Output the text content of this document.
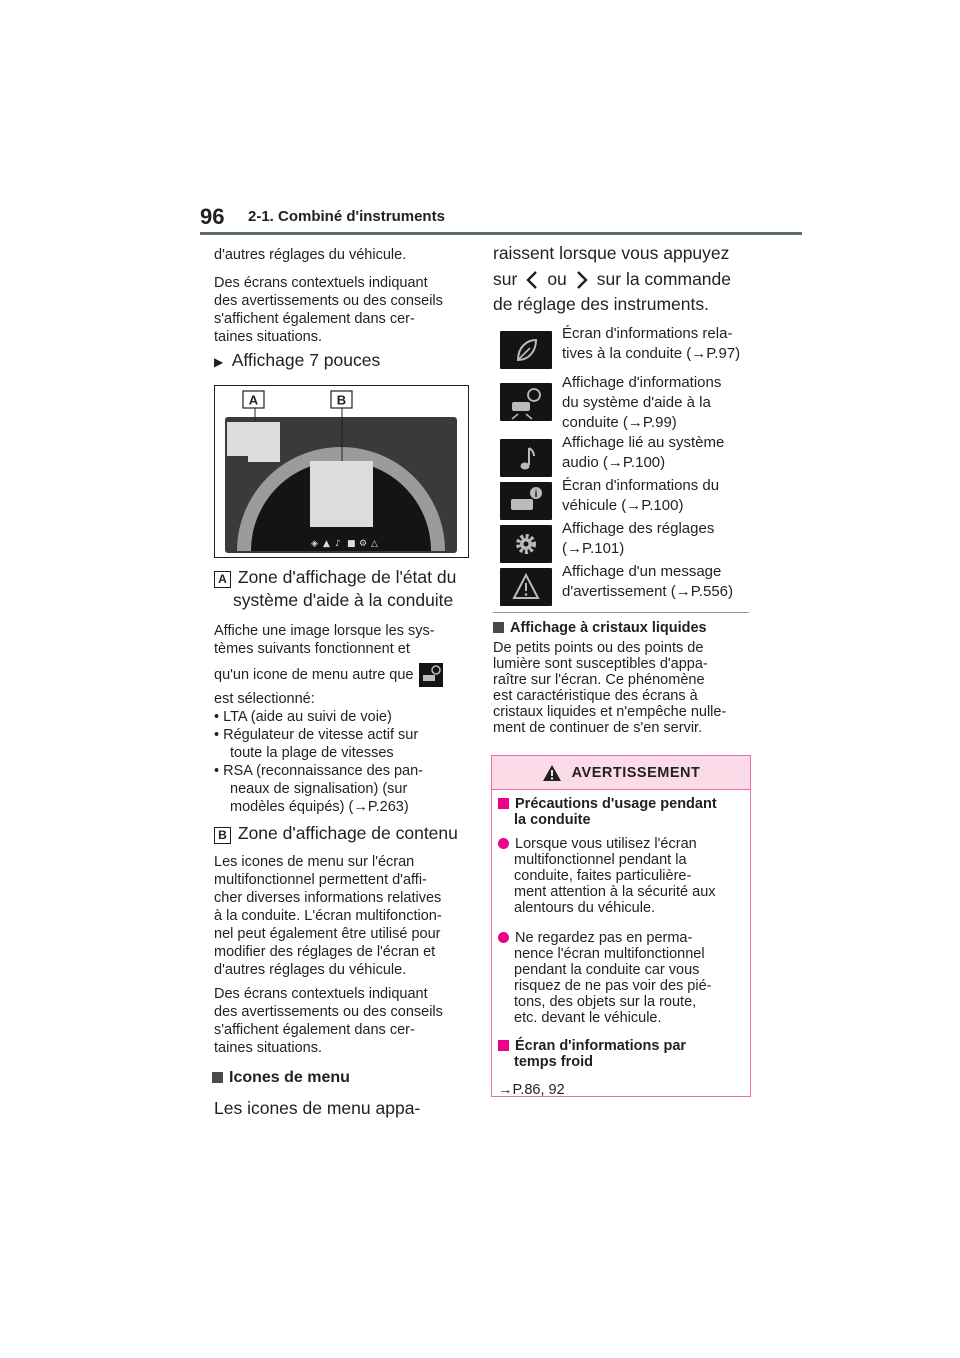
96 2-1. Combiné d'instruments

d'autres réglages du véhicule.

Des écrans contextuels indiquant

des avertissements ou des conseils

s'affichent également dans cer-

taines situations.

▶ Affichage 7 pouces
A	B
◈ ▲ ♪ ■ ⚙ △
A Zone d'affichage de l'état du
système d'aide à la conduite

Affiche une image lorsque les sys-

tèmes suivants fonctionnent et

qu'un icone de menu autre que

est sélectionné:

• LTA (aide au suivi de voie)

• Régulateur de vitesse actif sur

toute la plage de vitesses

• RSA (reconnaissance des pan-

neaux de signalisation) (sur

modèles équipés) (→P.263)

B Zone d'affichage de contenu

Les icones de menu sur l'écran

multifonctionnel permettent d'affi-

cher diverses informations relatives

à la conduite. L'écran multifonction-

nel peut également être utilisé pour

modifier des réglages de l'écran et

d'autres réglages du véhicule.

Des écrans contextuels indiquant

des avertissements ou des conseils

s'affichent également dans cer-

taines situations.

Icones de menu
Les icones de menu appa-
raissent lorsque vous appuyez
sur ou sur la commande
de réglage des instruments.
Écran d'informations rela-
tives à la conduite (→P.97)
Affichage d'informations
du système d'aide à la
conduite (→P.99)
Affichage lié au système
audio (→P.100)
i
Écran d'informations du
véhicule (→P.100)
Affichage des réglages
(→P.101)
Affichage d'un message
d'avertissement (→P.556)
Affichage à cristaux liquides

De petits points ou des points de

lumière sont susceptibles d'appa-

raître sur l'écran. Ce phénomène

est caractéristique des écrans à

cristaux liquides et n'empêche nulle-

ment de continuer de s'en servir.

AVERTISSEMENT
Précautions d'usage pendant
la conduite

Lorsque vous utilisez l'écran

multifonctionnel pendant la

conduite, faites particulière-

ment attention à la sécurité aux

alentours du véhicule.

Ne regardez pas en perma-

nence l'écran multifonctionnel

pendant la conduite car vous

risquez de ne pas voir des pié-

tons, des objets sur la route,

etc. devant le véhicule.

Écran d'informations par
temps froid

→P.86, 92
